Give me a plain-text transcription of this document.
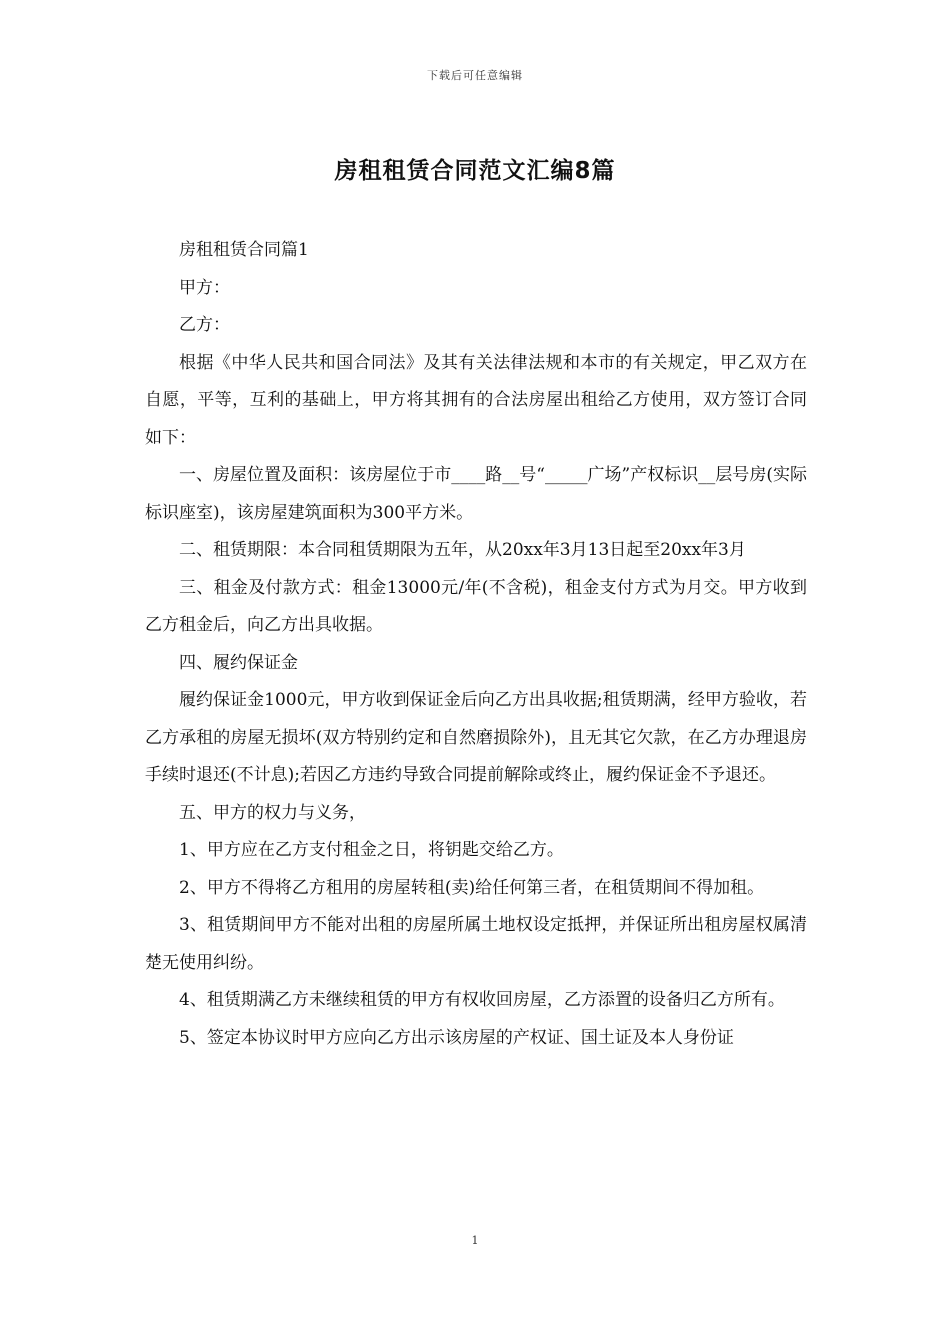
下载后可任意编辑
房租租赁合同范文汇编8篇

房租租赁合同篇1

甲方：

乙方：

根据《中华人民共和国合同法》及其有关法律法规和本市的有关规定，甲乙双方在自愿，平等，互利的基础上，甲方将其拥有的合法房屋出租给乙方使用，双方签订合同如下：

一、房屋位置及面积：该房屋位于市____路__号“_____广场”产权标识__层号房(实际标识座室)，该房屋建筑面积为300平方米。

二、租赁期限：本合同租赁期限为五年，从20xx年3月13日起至20xx年3月

三、租金及付款方式：租金13000元/年(不含税)，租金支付方式为月交。甲方收到乙方租金后，向乙方出具收据。

四、履约保证金

履约保证金1000元，甲方收到保证金后向乙方出具收据;租赁期满，经甲方验收，若乙方承租的房屋无损坏(双方特别约定和自然磨损除外)，且无其它欠款，在乙方办理退房手续时退还(不计息);若因乙方违约导致合同提前解除或终止，履约保证金不予退还。

五、甲方的权力与义务，

1、甲方应在乙方支付租金之日，将钥匙交给乙方。

2、甲方不得将乙方租用的房屋转租(卖)给任何第三者，在租赁期间不得加租。

3、租赁期间甲方不能对出租的房屋所属土地权设定抵押，并保证所出租房屋权属清楚无使用纠纷。

4、租赁期满乙方未继续租赁的甲方有权收回房屋，乙方添置的设备归乙方所有。

5、签定本协议时甲方应向乙方出示该房屋的产权证、国土证及本人身份证

1
